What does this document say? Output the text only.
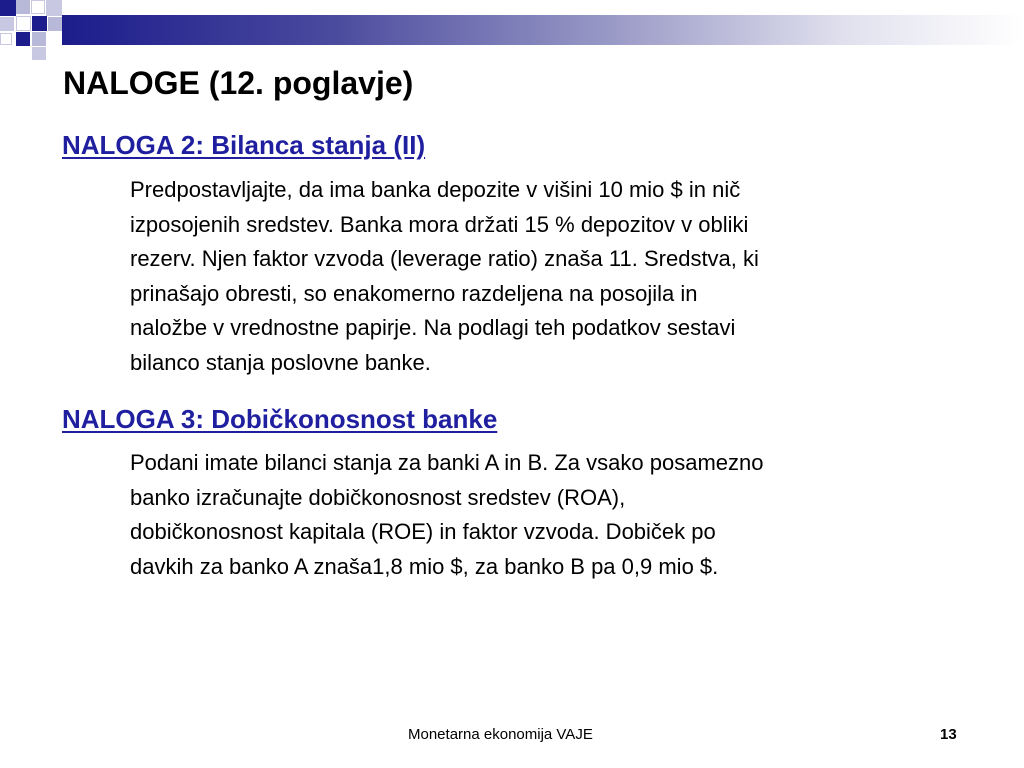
NALOGE (12. poglavje)
NALOGA 2: Bilanca stanja (II)
Predpostavljajte, da ima banka depozite v višini 10 mio $ in nič
izposojenih sredstev. Banka mora držati 15 % depozitov v obliki
rezerv. Njen faktor vzvoda (leverage ratio) znaša 11. Sredstva, ki
prinašajo obresti, so enakomerno razdeljena na posojila in
naložbe v vrednostne papirje. Na podlagi teh podatkov sestavi
bilanco stanja poslovne banke.
NALOGA 3: Dobičkonosnost banke
Podani imate bilanci stanja za banki A in B. Za vsako posamezno
banko izračunajte dobičkonosnost sredstev (ROA),
dobičkonosnost kapitala (ROE) in faktor vzvoda. Dobiček po
davkih za banko A znaša1,8 mio $, za banko B pa 0,9 mio $.
Monetarna ekonomija VAJE	13
